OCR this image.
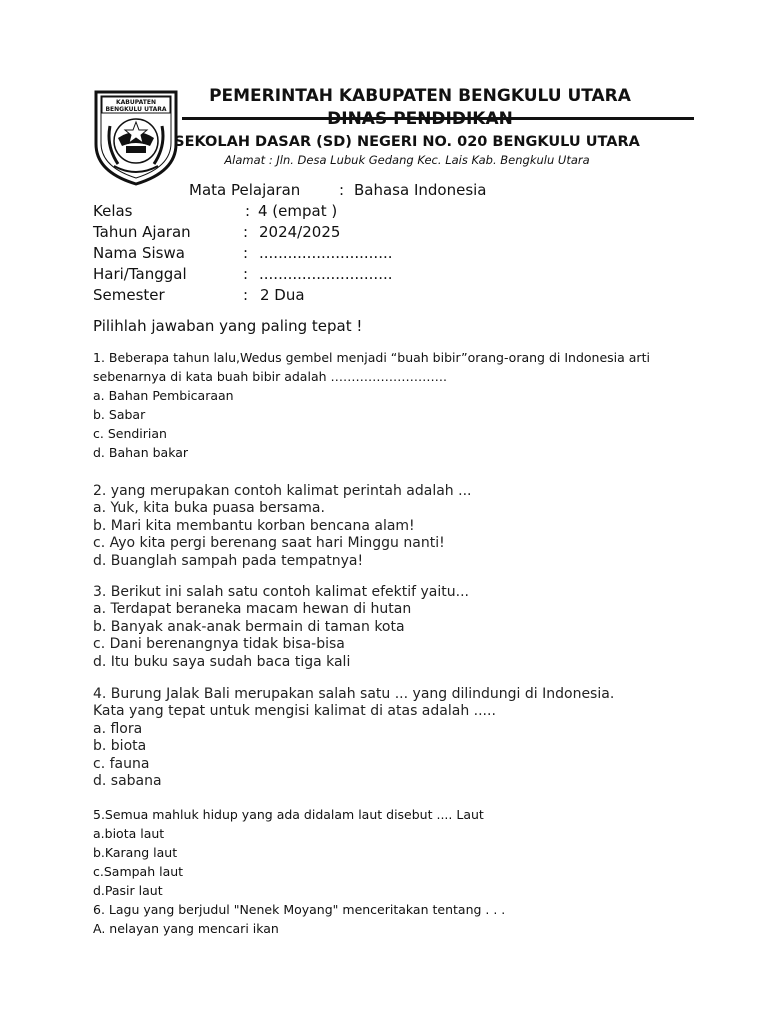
KABUPATEN
BENGKULU UTARA
PEMERINTAH KABUPATEN BENGKULU UTARA
DINAS PENDIDIKAN
SEKOLAH DASAR (SD) NEGERI NO. 020 BENGKULU UTARA
Alamat : Jln. Desa Lubuk Gedang Kec. Lais Kab. Bengkulu Utara
Mata Pelajaran	: Bahasa Indonesia
Kelas	: 4 (empat )
Tahun Ajaran	: 2024/2025
Nama Siswa	: ............................
Hari/Tanggal	: ............................
Semester	: 2 Dua
Pilihlah jawaban yang paling tepat !
1. Beberapa tahun lalu,Wedus gembel menjadi “buah bibir”orang-orang di Indonesia arti
sebenarnya di kata buah bibir adalah ……………………….
a. Bahan Pembicaraan
b. Sabar
c. Sendirian
d. Bahan bakar
2. yang merupakan contoh kalimat perintah adalah ...
a. Yuk, kita buka puasa bersama.
b. Mari kita membantu korban bencana alam!
c. Ayo kita pergi berenang saat hari Minggu nanti!
d. Buanglah sampah pada tempatnya!
3. Berikut ini salah satu contoh kalimat efektif yaitu...
a. Terdapat beraneka macam hewan di hutan
b. Banyak anak-anak bermain di taman kota
c. Dani berenangnya tidak bisa-bisa
d. Itu buku saya sudah baca tiga kali
4. Burung Jalak Bali merupakan salah satu ... yang dilindungi di Indonesia.
Kata yang tepat untuk mengisi kalimat di atas adalah .....
a. flora
b. biota
c. fauna
d. sabana
5.Semua mahluk hidup yang ada didalam laut disebut .... Laut
a.biota laut
b.Karang laut
c.Sampah laut
d.Pasir laut
6. Lagu yang berjudul "Nenek Moyang" menceritakan tentang . . .
A. nelayan yang mencari ikan
